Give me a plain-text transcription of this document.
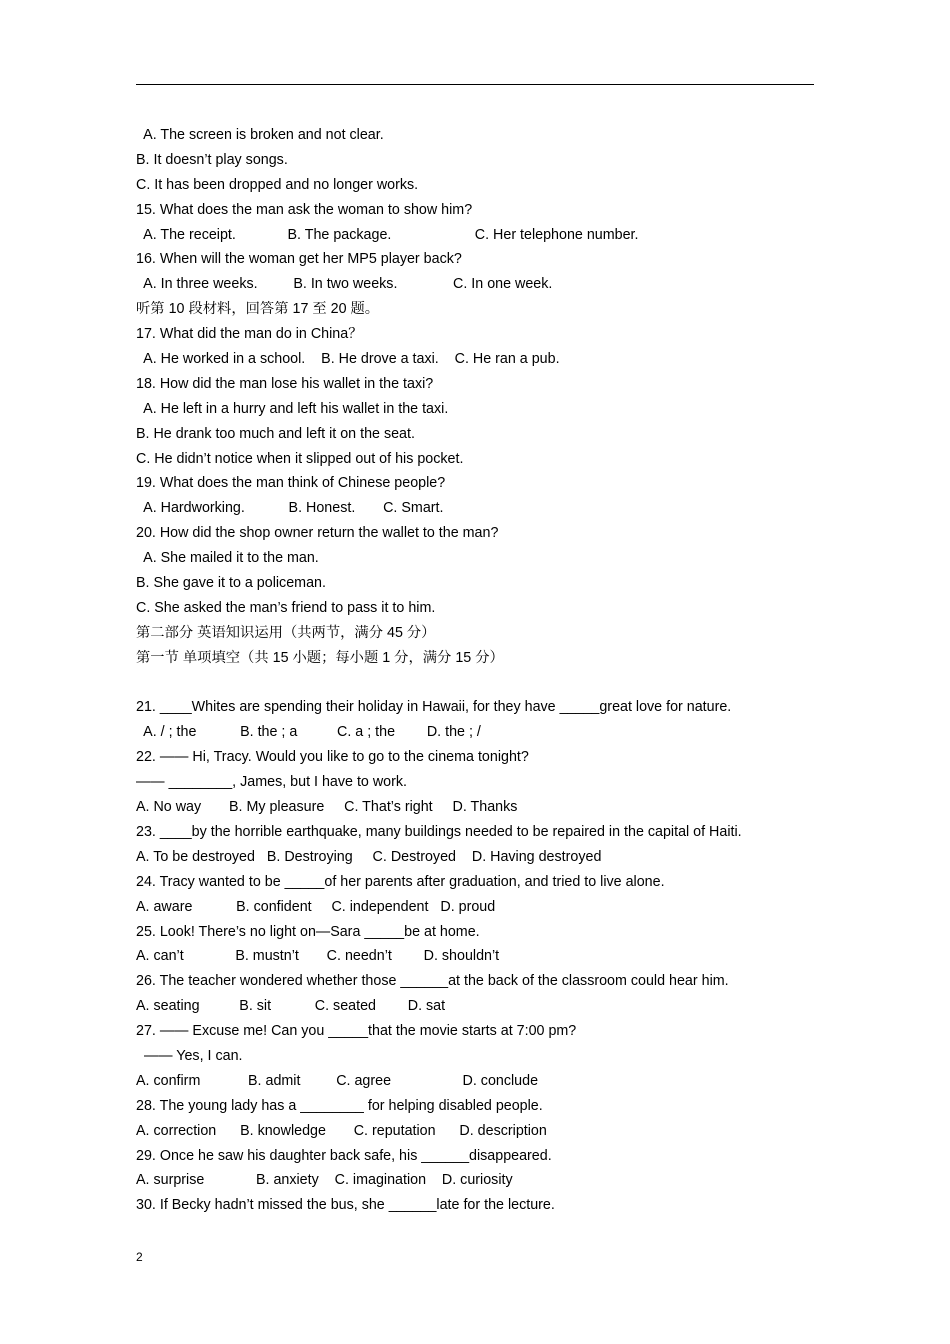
A. The screen is broken and not clear.
B. It doesn’t play songs.
C. It has been dropped and no longer works.
15. What does the man ask the woman to show him?
A. The receipt.             B. The package.                     C. Her telephone number.
16. When will the woman get her MP5 player back?
A. In three weeks.         B. In two weeks.              C. In one week.
听第 10 段材料，回答第 17 至 20 题。
17. What did the man do in China？
A. He worked in a school.    B. He drove a taxi.    C. He ran a pub.
18. How did the man lose his wallet in the taxi?
A. He left in a hurry and left his wallet in the taxi.
B. He drank too much and left it on the seat.
C. He didn’t notice when it slipped out of his pocket.
19. What does the man think of Chinese people?
A. Hardworking.           B. Honest.       C. Smart.
20. How did the shop owner return the wallet to the man?
A. She mailed it to the man.
B. She gave it to a policeman.
C. She asked the man’s friend to pass it to him.
第二部分 英语知识运用（共两节，满分 45 分）
第一节 单项填空（共 15 小题；每小题 1 分，满分 15 分）
21. ____Whites are spending their holiday in Hawaii, for they have _____great love for nature.
A. / ; the           B. the ; a          C. a ; the        D. the ; /
22. —— Hi, Tracy. Would you like to go to the cinema tonight?
—— ________, James, but I have to work.
A. No way       B. My pleasure     C. That’s right     D. Thanks
23. ____by the horrible earthquake, many buildings needed to be repaired in the capital of Haiti.
A. To be destroyed   B. Destroying     C. Destroyed    D. Having destroyed
24. Tracy wanted to be _____of her parents after graduation, and tried to live alone.
A. aware           B. confident     C. independent   D. proud
25. Look! There’s no light on—Sara _____be at home.
A. can’t             B. mustn’t       C. needn’t        D. shouldn’t
26. The teacher wondered whether those ______at the back of the classroom could hear him.
A. seating          B. sit           C. seated        D. sat
27. —— Excuse me! Can you _____that the movie starts at 7:00 pm?
—— Yes, I can.
A. confirm            B. admit         C. agree                  D. conclude
28. The young lady has a ________ for helping disabled people.
A. correction      B. knowledge       C. reputation      D. description
29. Once he saw his daughter back safe, his ______disappeared.
A. surprise             B. anxiety    C. imagination    D. curiosity
30. If Becky hadn’t missed the bus, she ______late for the lecture.
2
